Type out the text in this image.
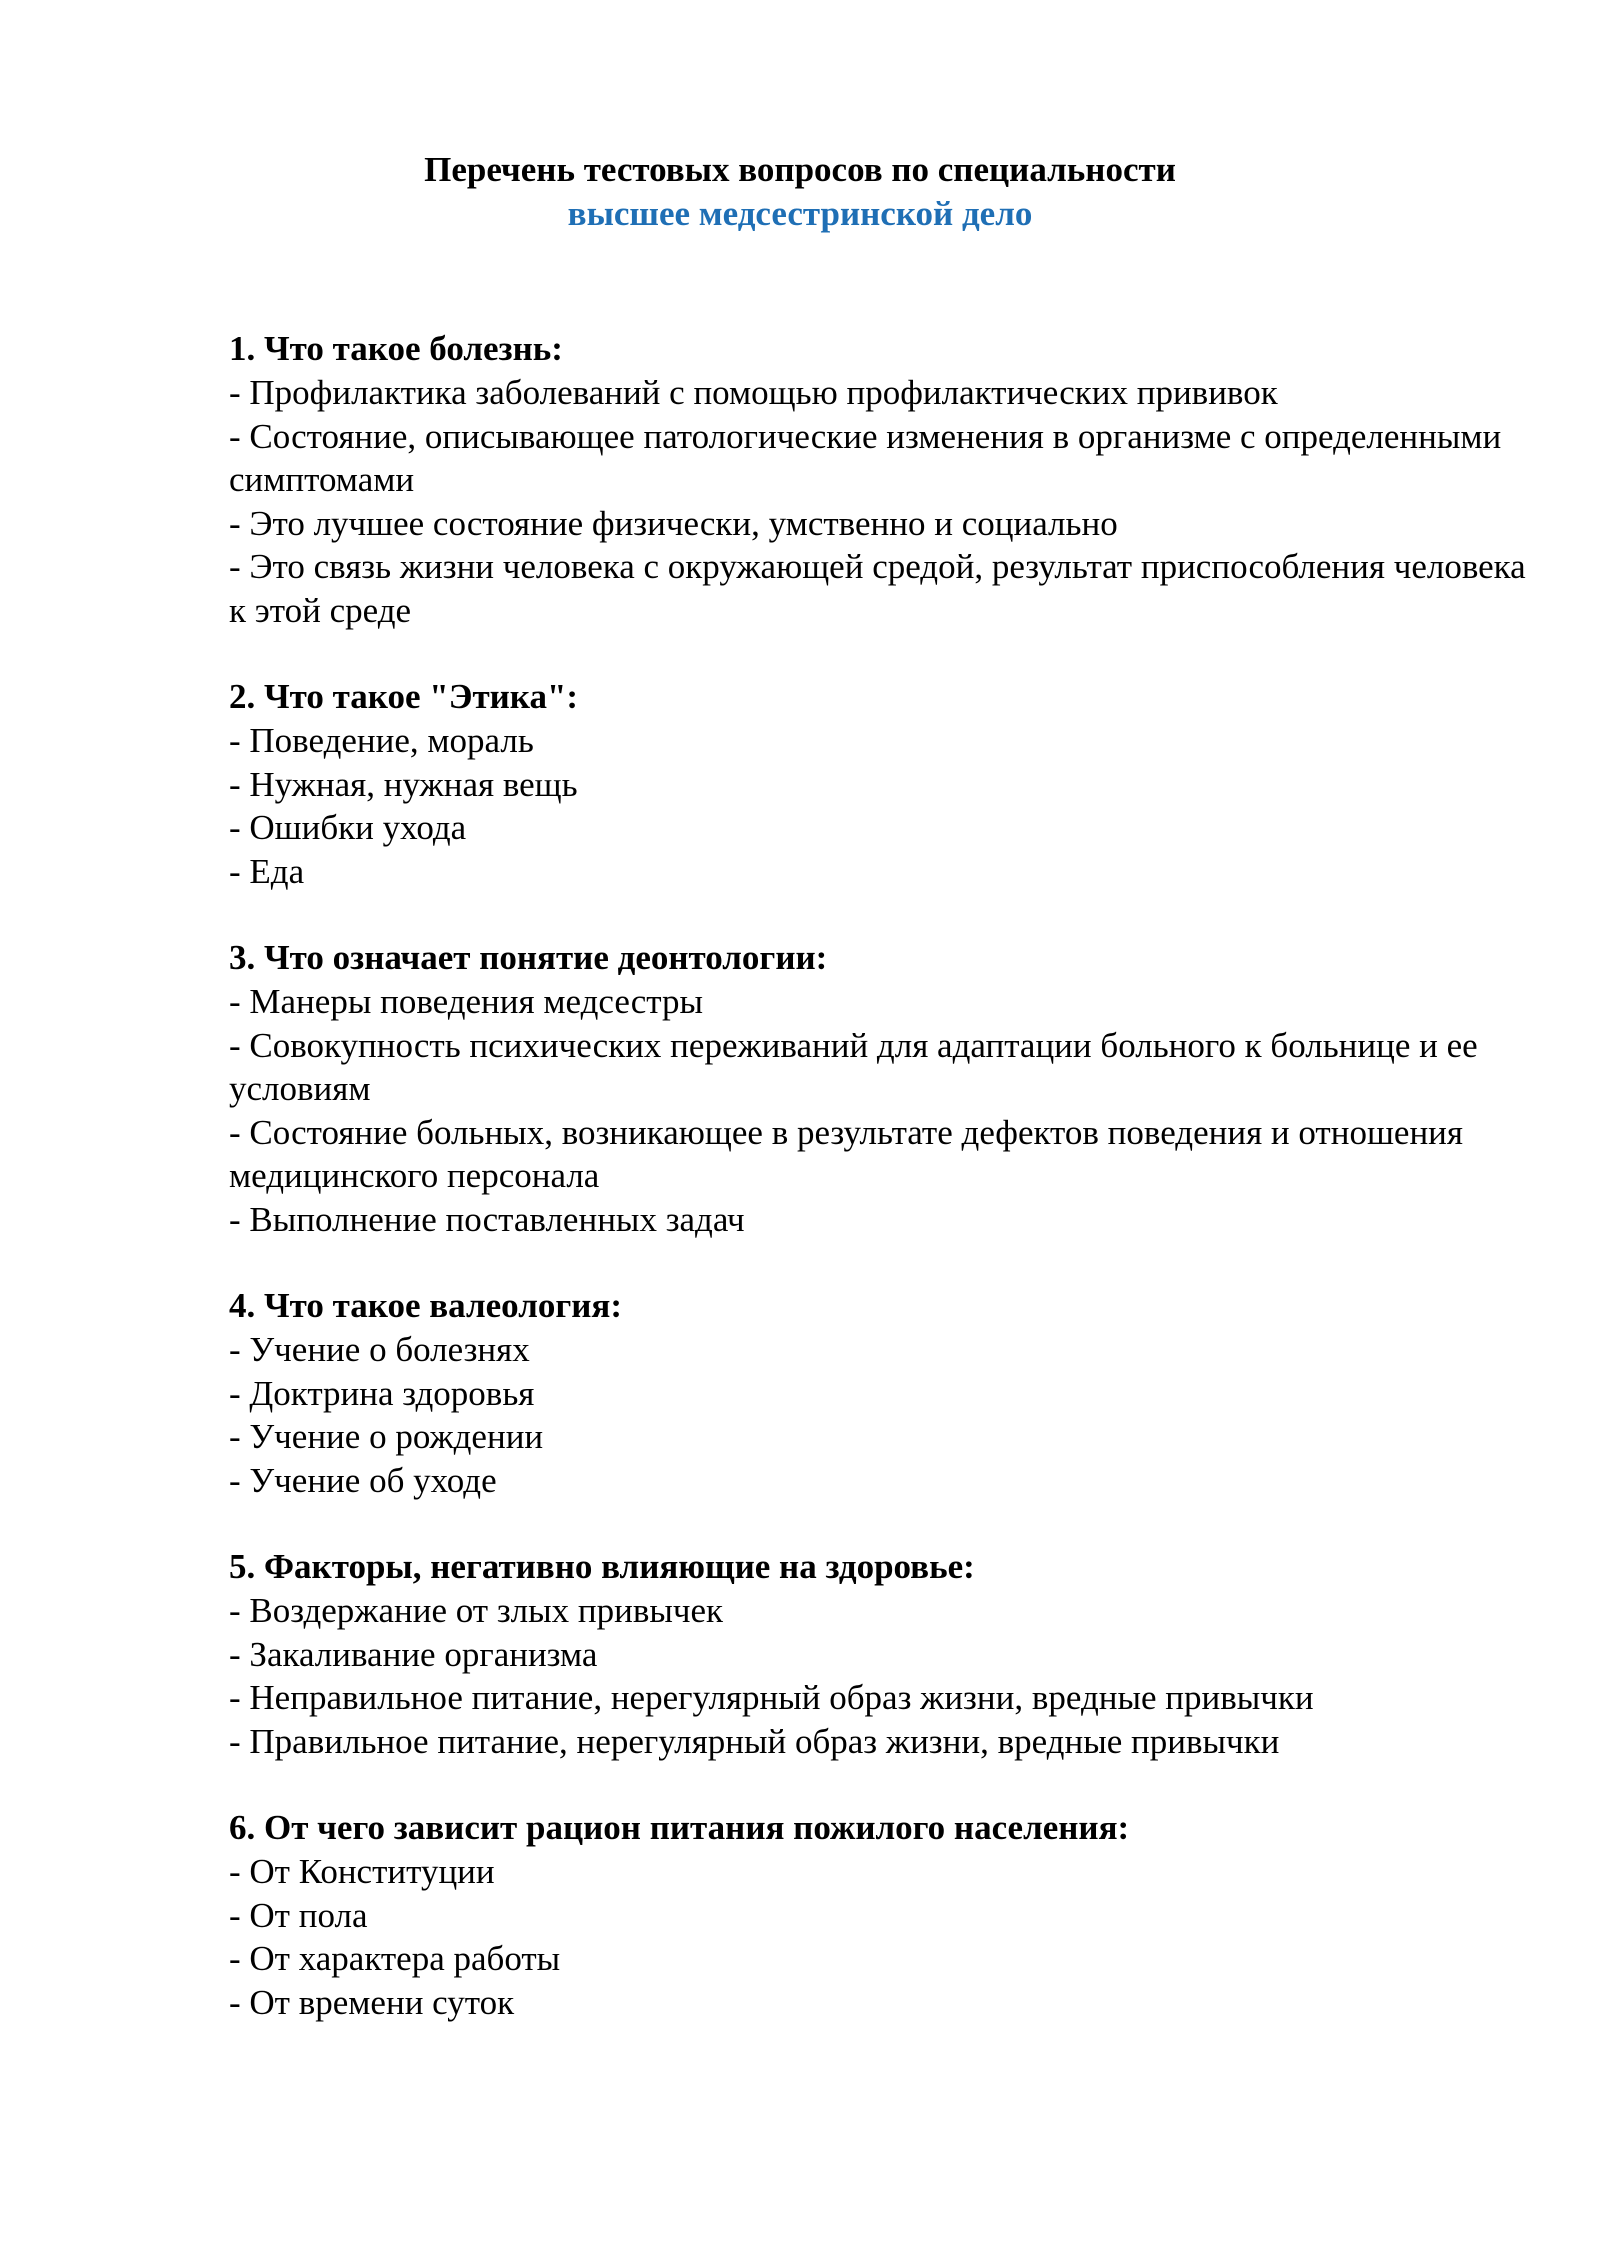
Перечень тестовых вопросов по специальности

высшее медсестринской дело

1. Что такое болезнь:

- Профилактика заболеваний с помощью профилактических прививок

- Состояние, описывающее патологические изменения в организме с определенными симптомами

- Это лучшее состояние физически, умственно и социально

- Это связь жизни человека с окружающей средой, результат приспособления человека к этой среде

2. Что такое "Этика":

- Поведение, мораль

- Нужная, нужная вещь

- Ошибки ухода

- Еда

3. Что означает понятие деонтологии:

- Манеры поведения медсестры

- Совокупность психических переживаний для адаптации больного к больнице и ее условиям

- Состояние больных, возникающее в результате дефектов поведения и отношения медицинского персонала

- Выполнение поставленных задач

4. Что такое валеология:

- Учение о болезнях

- Доктрина здоровья

- Учение о рождении

- Учение об уходе

5. Факторы, негативно влияющие на здоровье:

- Воздержание от злых привычек

- Закаливание организма

- Неправильное питание, нерегулярный образ жизни, вредные привычки

- Правильное питание, нерегулярный образ жизни, вредные привычки

6. От чего зависит рацион питания пожилого населения:

- От Конституции

- От пола

- От характера работы

- От времени суток
